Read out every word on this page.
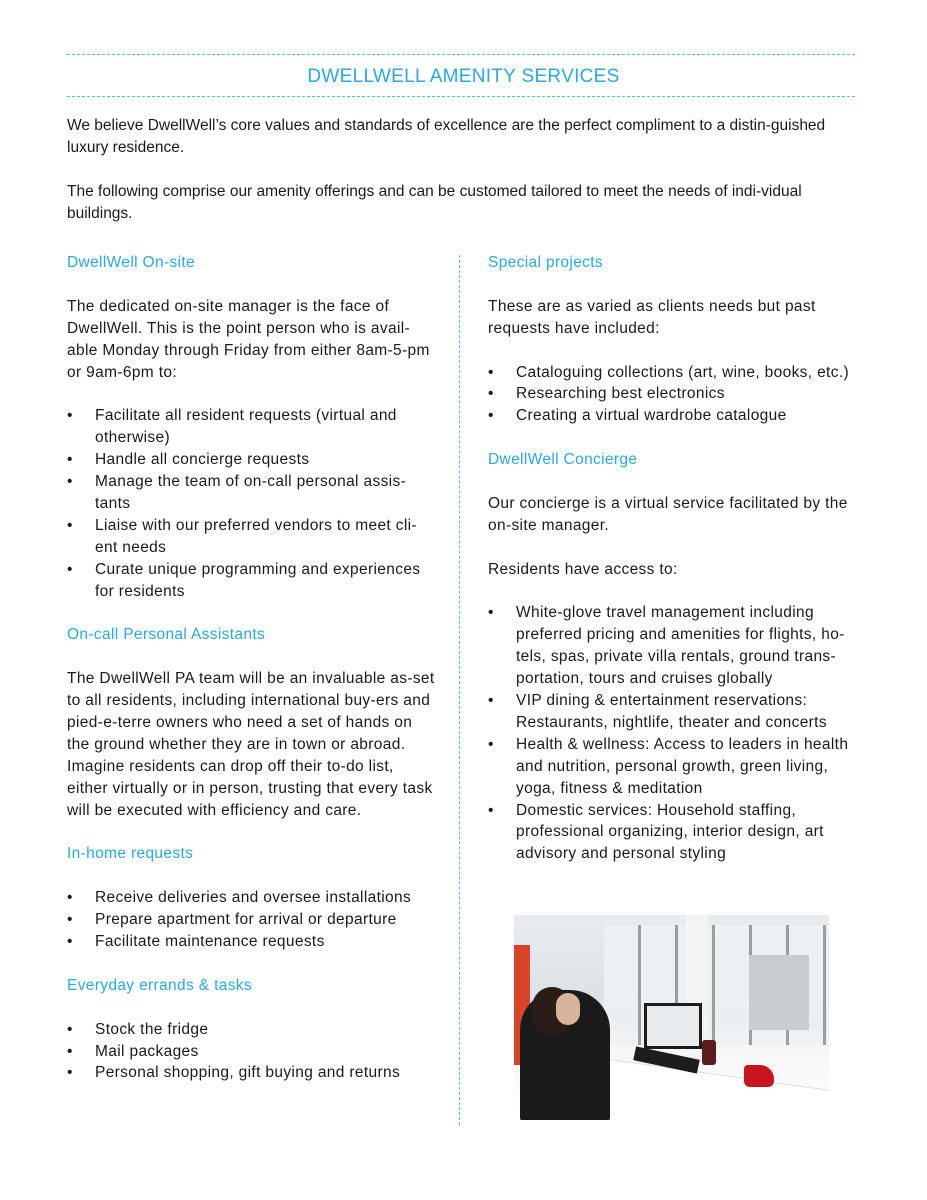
DWELLWELL AMENITY SERVICES

We believe DwellWell’s core values and standards of excellence are the perfect compliment to a distin-guished luxury residence.

The following comprise our amenity offerings and can be customed tailored to meet the needs of indi-vidual buildings.

DwellWell On-site

The dedicated on-site manager is the face of DwellWell. This is the point person who is avail-able Monday through Friday from either 8am-5-pm or 9am-6pm to:

• Facilitate all resident requests (virtual and otherwise)
• Handle all concierge requests
• Manage the team of on-call personal assis-tants
• Liaise with our preferred vendors to meet cli-ent needs
• Curate unique programming and experiences for residents
On-call Personal Assistants

The DwellWell PA team will be an invaluable as-set to all residents, including international buy-ers and pied-e-terre owners who need a set of hands on the ground whether they are in town or abroad. Imagine residents can drop off their to-do list, either virtually or in person, trusting that every task will be executed with efficiency and care.

In-home requests
• Receive deliveries and oversee installations
• Prepare apartment for arrival or departure
• Facilitate maintenance requests
Everyday errands & tasks
• Stock the fridge
• Mail packages
• Personal shopping, gift buying and returns
Special projects

These are as varied as clients needs but past requests have included:

• Cataloguing collections (art, wine, books, etc.)
• Researching best electronics
• Creating a virtual wardrobe catalogue
DwellWell Concierge

Our concierge is a virtual service facilitated by the on-site manager.

Residents have access to:

• White-glove travel management including preferred pricing and amenities for flights, ho-tels, spas, private villa rentals, ground trans-portation, tours and cruises globally
• VIP dining & entertainment reservations: Restaurants, nightlife, theater and concerts
• Health & wellness: Access to leaders in health and nutrition, personal growth, green living, yoga, fitness & meditation
• Domestic services: Household staffing, professional organizing, interior design, art advisory and personal styling
